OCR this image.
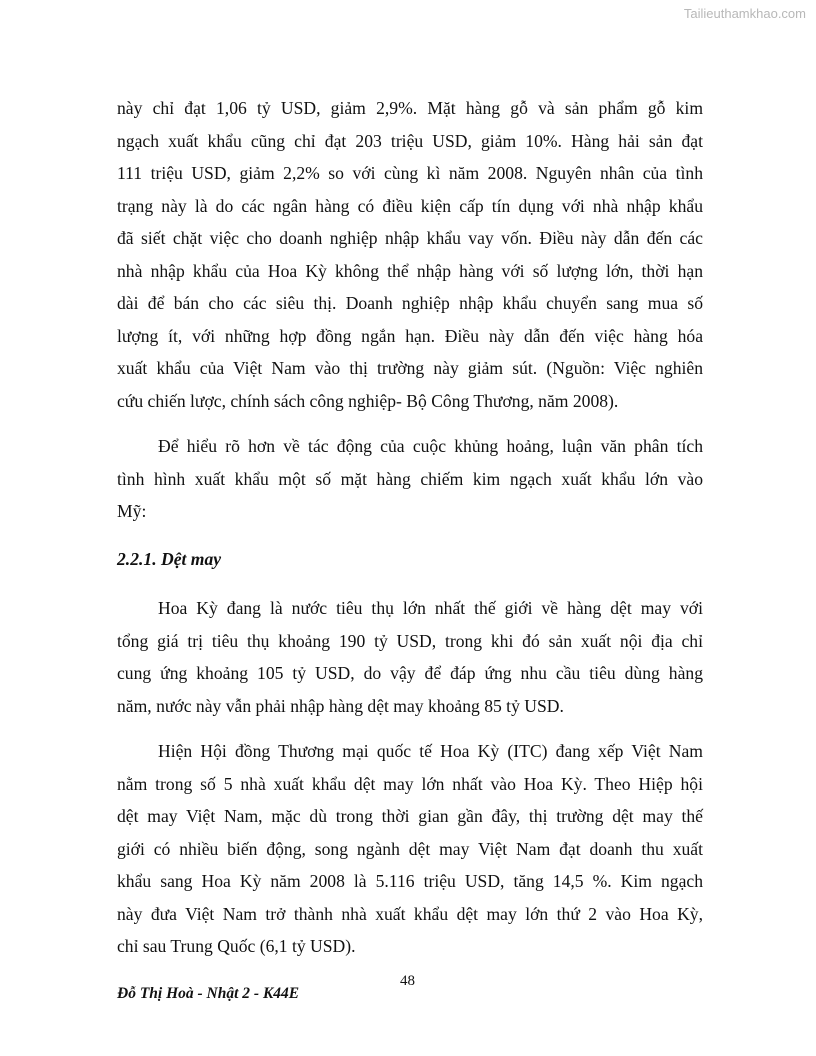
Tailieuthamkhao.com
này chỉ đạt 1,06 tỷ USD, giảm 2,9%. Mặt hàng gỗ và sản phẩm gỗ kim
ngạch xuất khẩu cũng chỉ đạt 203 triệu USD, giảm 10%. Hàng hải sản đạt
111 triệu USD, giảm 2,2% so với cùng kì năm 2008. Nguyên nhân của tình
trạng này là do các ngân hàng có điều kiện cấp tín dụng với nhà nhập khẩu
đã siết chặt việc cho doanh nghiệp nhập khẩu vay vốn. Điều này dẫn đến các
nhà nhập khẩu của Hoa Kỳ không thể nhập hàng với số lượng lớn, thời hạn
dài để bán cho các siêu thị. Doanh nghiệp nhập khẩu chuyển sang mua số
lượng ít, với những hợp đồng ngắn hạn. Điều này dẫn đến việc hàng hóa
xuất khẩu của Việt Nam vào thị trường này giảm sút. (Nguồn: Việc nghiên
cứu chiến lược, chính sách công nghiệp- Bộ Công Thương, năm 2008).
Để hiểu rõ hơn về tác động của cuộc khủng hoảng, luận văn phân tích
tình hình xuất khẩu một số mặt hàng chiếm kim ngạch xuất khẩu lớn vào
Mỹ:
2.2.1. Dệt may
Hoa Kỳ đang là nước tiêu thụ lớn nhất thế giới về hàng dệt may với
tổng giá trị tiêu thụ khoảng 190 tỷ USD, trong khi đó sản xuất nội địa chỉ
cung ứng khoảng 105 tỷ USD, do vậy để đáp ứng nhu cầu tiêu dùng hàng
năm, nước này vẫn phải nhập hàng dệt may khoảng 85 tỷ USD.
Hiện Hội đồng Thương mại quốc tế Hoa Kỳ (ITC) đang xếp Việt Nam
nằm trong số 5 nhà xuất khẩu dệt may lớn nhất vào Hoa Kỳ. Theo Hiệp hội
dệt may Việt Nam, mặc dù trong thời gian gần đây, thị trường dệt may thế
giới có nhiều biến động, song ngành dệt may Việt Nam đạt doanh thu xuất
khẩu sang Hoa Kỳ năm 2008 là 5.116 triệu USD, tăng 14,5 %. Kim ngạch
này đưa Việt Nam trở thành nhà xuất khẩu dệt may lớn thứ 2 vào Hoa Kỳ,
chỉ sau Trung Quốc (6,1 tỷ USD).
48
Đỗ Thị Hoà - Nhật 2 - K44E
